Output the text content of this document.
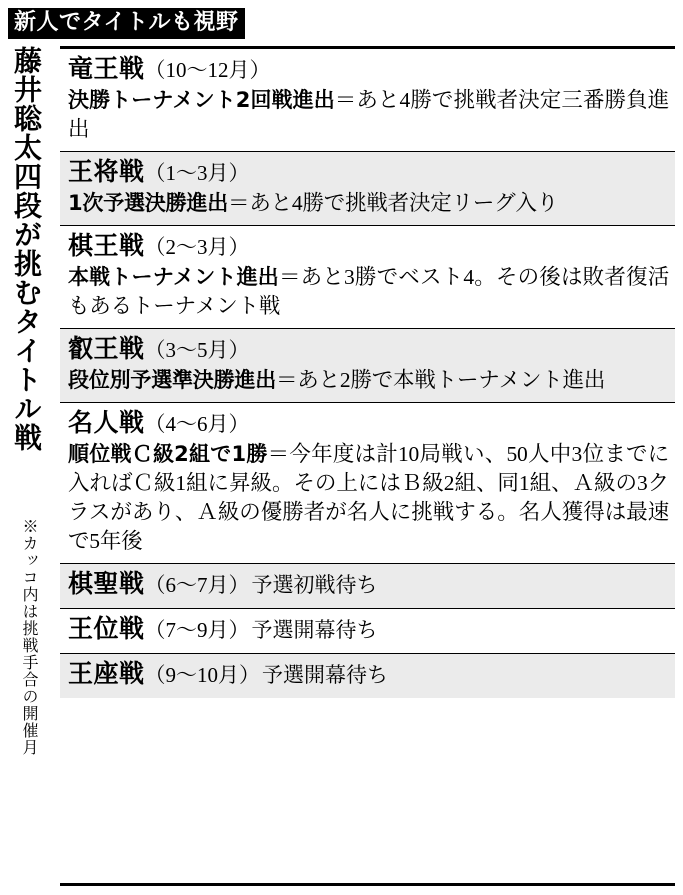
新人でタイトルも視野
藤井聡太四段が挑むタイトル戦
※カッコ内は挑戦手合の開催月
竜王戦（10〜12月）
決勝トーナメント2回戦進出＝あと4勝で挑戦者決定三番勝負進出
王将戦（1〜3月）
1次予選決勝進出＝あと4勝で挑戦者決定リーグ入り
棋王戦（2〜3月）
本戦トーナメント進出＝あと3勝でベスト4。その後は敗者復活もあるトーナメント戦
叡王戦（3〜5月）
段位別予選準決勝進出＝あと2勝で本戦トーナメント進出
名人戦（4〜6月）
順位戦Ｃ級2組で1勝＝今年度は計10局戦い、50人中3位までに入ればＣ級1組に昇級。その上にはＢ級2組、同1組、Ａ級の3クラスがあり、Ａ級の優勝者が名人に挑戦する。名人獲得は最速で5年後
棋聖戦（6〜7月）予選初戦待ち
王位戦（7〜9月）予選開幕待ち
王座戦（9〜10月）予選開幕待ち
